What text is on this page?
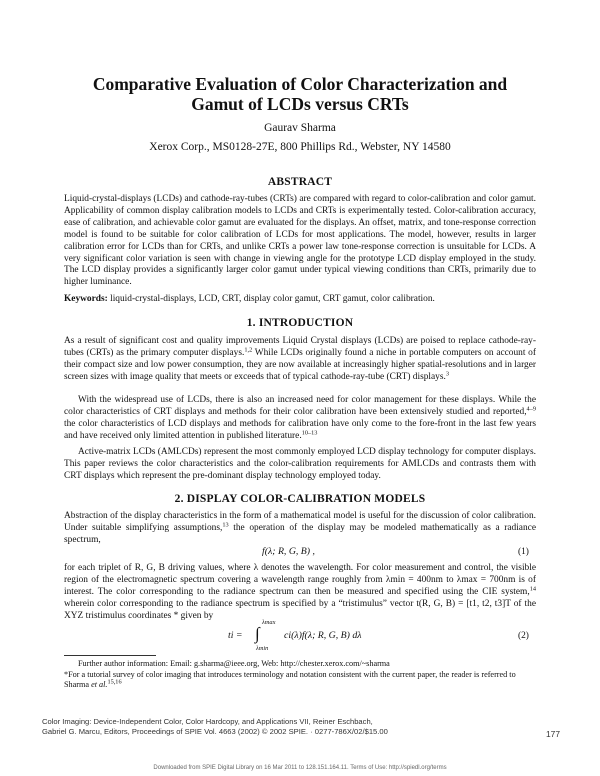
Comparative Evaluation of Color Characterization and
Gamut of LCDs versus CRTs
Gaurav Sharma
Xerox Corp., MS0128-27E, 800 Phillips Rd., Webster, NY 14580
ABSTRACT
Liquid-crystal-displays (LCDs) and cathode-ray-tubes (CRTs) are compared with regard to color-calibration and color gamut. Applicability of common display calibration models to LCDs and CRTs is experimentally tested. Color-calibration accuracy, ease of calibration, and achievable color gamut are evaluated for the displays. An offset, matrix, and tone-response correction model is found to be suitable for color calibration of LCDs for most applications. The model, however, results in larger calibration error for LCDs than for CRTs, and unlike CRTs a power law tone-response correction is unsuitable for LCDs. A very significant color variation is seen with change in viewing angle for the prototype LCD display employed in the study. The LCD display provides a significantly larger color gamut under typical viewing conditions than CRTs, primarily due to higher luminance.
Keywords: liquid-crystal-displays, LCD, CRT, display color gamut, CRT gamut, color calibration.
1. INTRODUCTION
As a result of significant cost and quality improvements Liquid Crystal displays (LCDs) are poised to replace cathode-ray-tubes (CRTs) as the primary computer displays.$^{1,2}$ While LCDs originally found a niche in portable computers on account of their compact size and low power consumption, they are now available at increasingly higher spatial-resolutions and in larger screen sizes with image quality that meets or exceeds that of typical cathode-ray-tube (CRT) displays.$^3$
With the widespread use of LCDs, there is also an increased need for color management for these displays. While the color characteristics of CRT displays and methods for their color calibration have been extensively studied and reported,$^{4-9}$ the color characteristics of LCD displays and methods for calibration have only come to the fore-front in the last few years and have received only limited attention in published literature.$^{10-13}$
Active-matrix LCDs (AMLCDs) represent the most commonly employed LCD display technology for computer displays. This paper reviews the color characteristics and the color-calibration requirements for AMLCDs and contrasts them with CRT displays which represent the pre-dominant display technology employed today.
2. DISPLAY COLOR-CALIBRATION MODELS
Abstraction of the display characteristics in the form of a mathematical model is useful for the discussion of color calibration. Under suitable simplifying assumptions,$^{13}$ the operation of the display may be modeled mathematically as a radiance spectrum,
f(λ; R, G, B) ,	(1)
for each triplet of R, G, B driving values, where λ denotes the wavelength. For color measurement and control, the visible region of the electromagnetic spectrum covering a wavelength range roughly from λmin = 400nm to λmax = 700nm is of interest. The color corresponding to the radiance spectrum can then be measured and specified using the CIE system,$^{14}$ wherein color corresponding to the radiance spectrum is specified by a “tristimulus” vector t(R, G, B) = [t1, t2, t3]T of the XYZ tristimulus coordinates * given by
ti = ∫
λmax
λmin
ci(λ)f(λ; R, G, B) dλ	(2)
Further author information: Email: g.sharma@ieee.org, Web: http://chester.xerox.com/~sharma
*For a tutorial survey of color imaging that introduces terminology and notation consistent with the current paper, the reader is referred to Sharma et al.$^{15,16}$
Color Imaging: Device-Independent Color, Color Hardcopy, and Applications VII, Reiner Eschbach,
Gabriel G. Marcu, Editors, Proceedings of SPIE Vol. 4663 (2002) © 2002 SPIE. · 0277-786X/02/$15.00	177
Downloaded from SPIE Digital Library on 16 Mar 2011 to 128.151.164.11. Terms of Use: http://spiedl.org/terms
